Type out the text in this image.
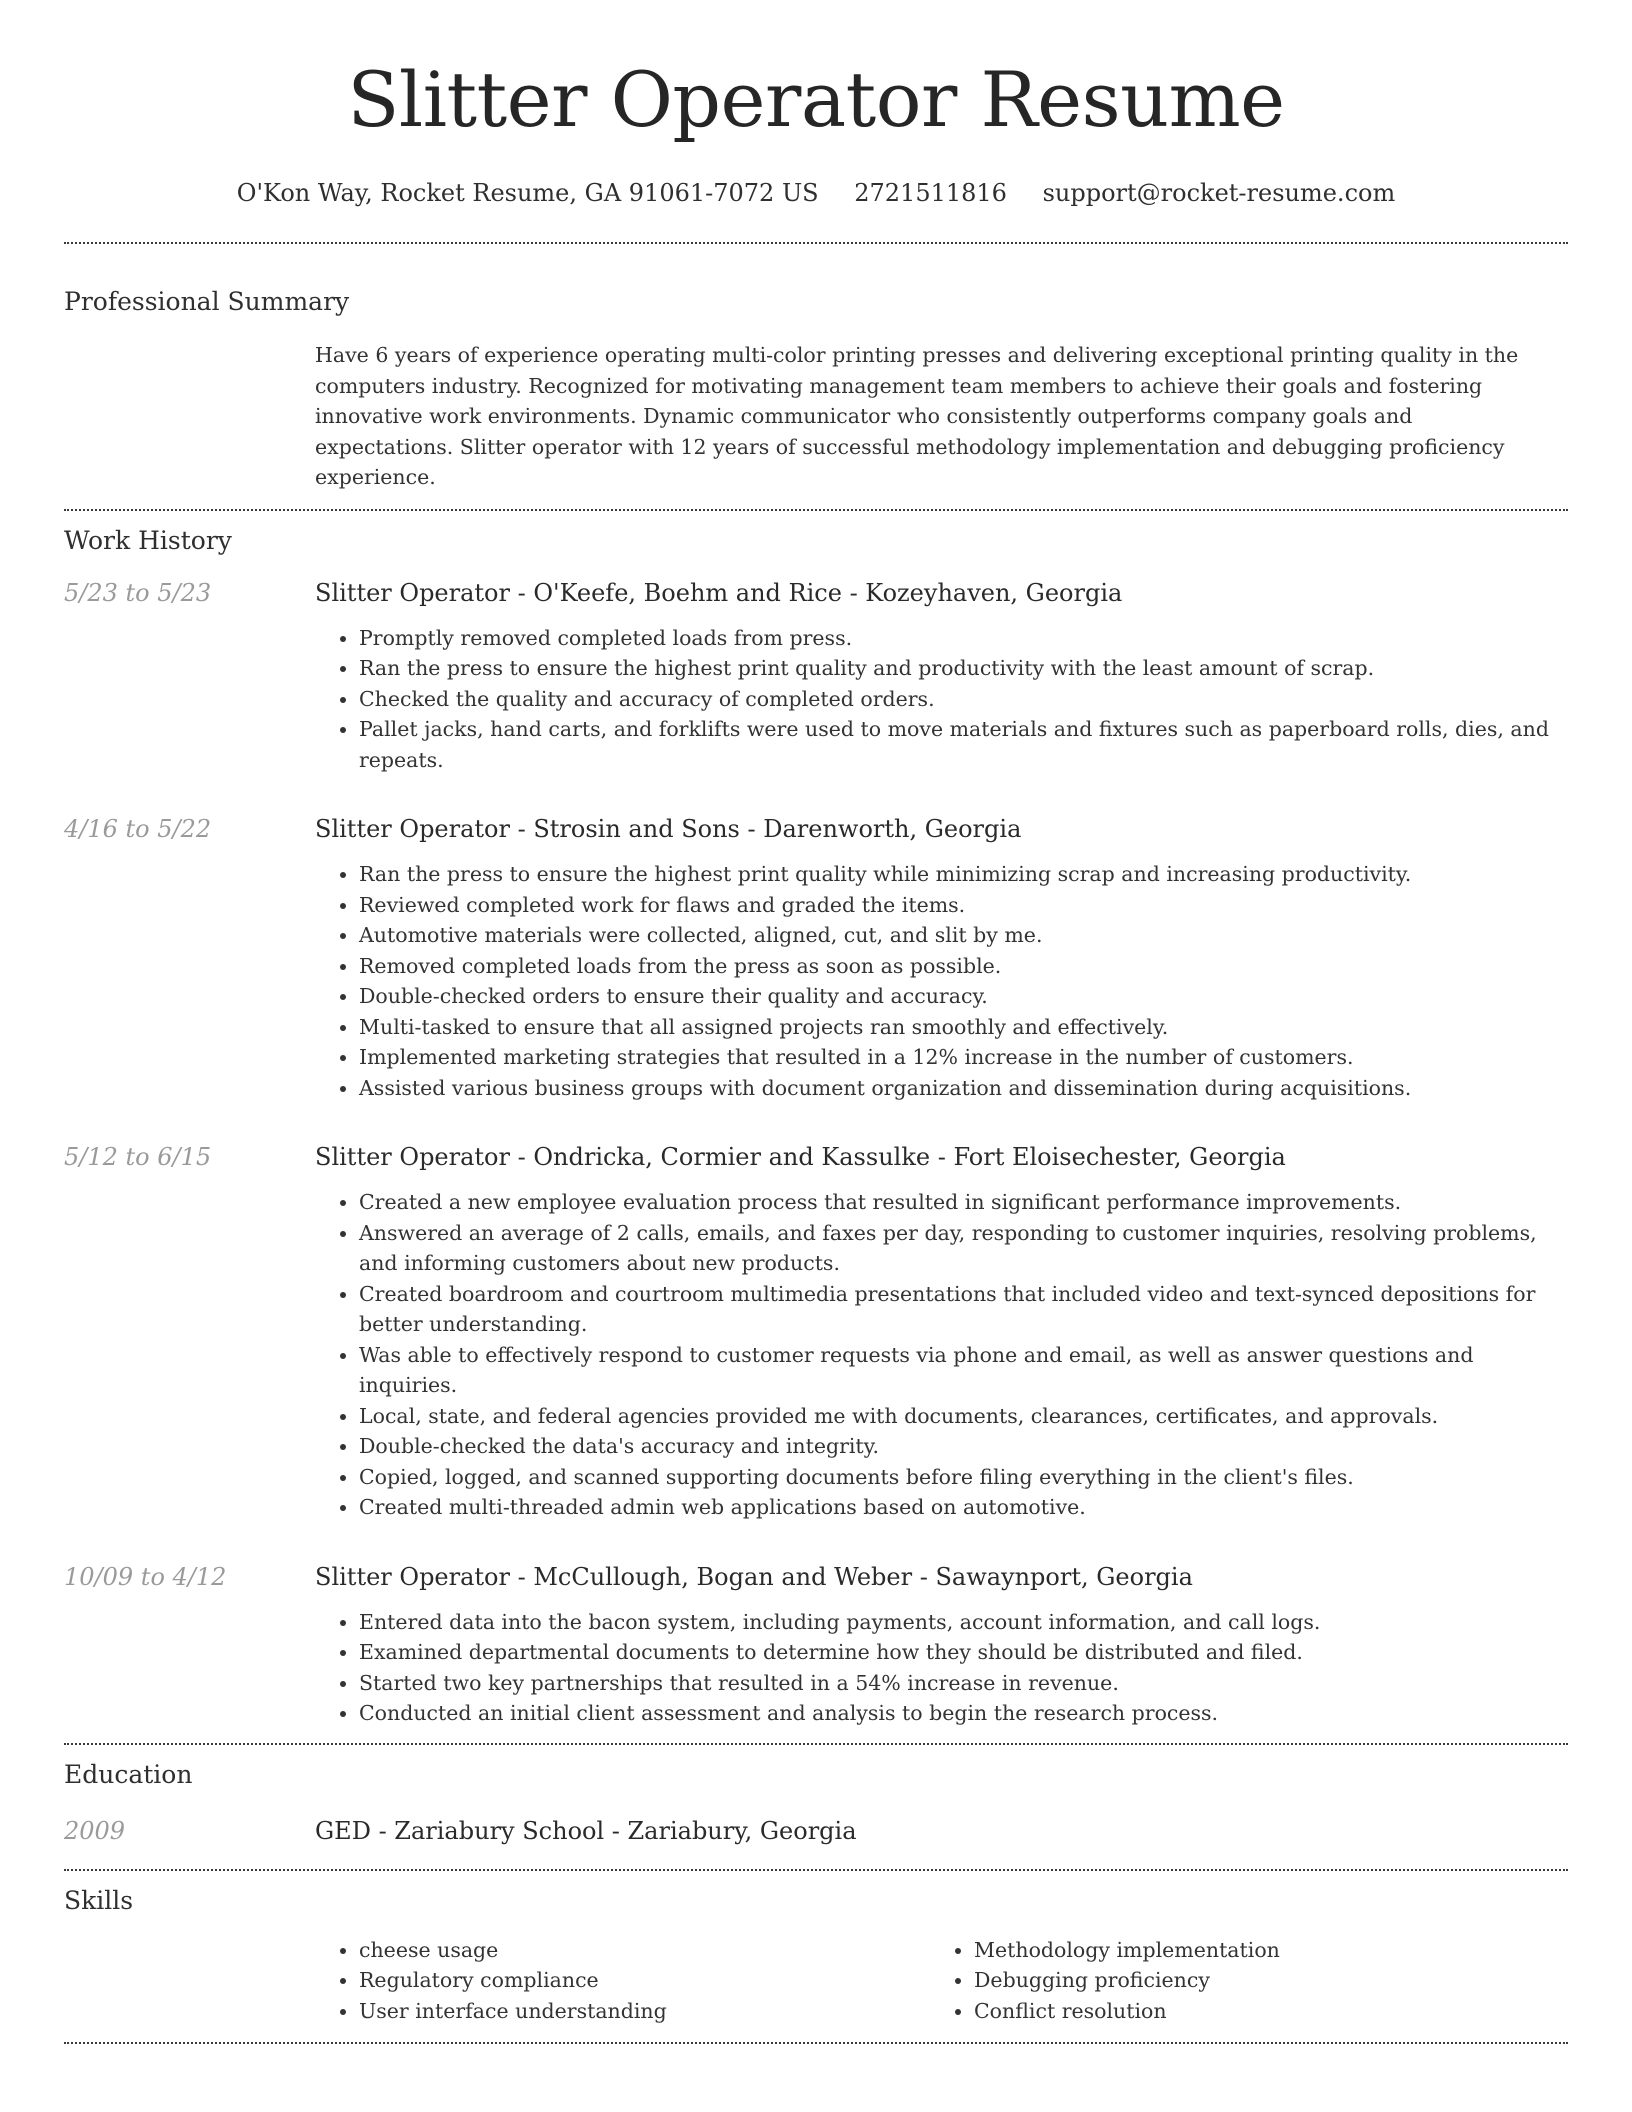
Slitter Operator Resume
O'Kon Way, Rocket Resume, GA 91061-7072 US 2721511816 support@rocket-resume.com
Professional Summary
Have 6 years of experience operating multi-color printing presses and delivering exceptional printing quality in the computers industry. Recognized for motivating management team members to achieve their goals and fostering innovative work environments. Dynamic communicator who consistently outperforms company goals and expectations. Slitter operator with 12 years of successful methodology implementation and debugging proficiency experience.
Work History
5/23 to 5/23	Slitter Operator - O'Keefe, Boehm and Rice - Kozeyhaven, Georgia
• Promptly removed completed loads from press.
• Ran the press to ensure the highest print quality and productivity with the least amount of scrap.
• Checked the quality and accuracy of completed orders.
• Pallet jacks, hand carts, and forklifts were used to move materials and fixtures such as paperboard rolls, dies, and repeats.
4/16 to 5/22	Slitter Operator - Strosin and Sons - Darenworth, Georgia
• Ran the press to ensure the highest print quality while minimizing scrap and increasing productivity.
• Reviewed completed work for flaws and graded the items.
• Automotive materials were collected, aligned, cut, and slit by me.
• Removed completed loads from the press as soon as possible.
• Double-checked orders to ensure their quality and accuracy.
• Multi-tasked to ensure that all assigned projects ran smoothly and effectively.
• Implemented marketing strategies that resulted in a 12% increase in the number of customers.
• Assisted various business groups with document organization and dissemination during acquisitions.
5/12 to 6/15	Slitter Operator - Ondricka, Cormier and Kassulke - Fort Eloisechester, Georgia
• Created a new employee evaluation process that resulted in significant performance improvements.
• Answered an average of 2 calls, emails, and faxes per day, responding to customer inquiries, resolving problems, and informing customers about new products.
• Created boardroom and courtroom multimedia presentations that included video and text-synced depositions for better understanding.
• Was able to effectively respond to customer requests via phone and email, as well as answer questions and inquiries.
• Local, state, and federal agencies provided me with documents, clearances, certificates, and approvals.
• Double-checked the data's accuracy and integrity.
• Copied, logged, and scanned supporting documents before filing everything in the client's files.
• Created multi-threaded admin web applications based on automotive.
10/09 to 4/12	Slitter Operator - McCullough, Bogan and Weber - Sawaynport, Georgia
• Entered data into the bacon system, including payments, account information, and call logs.
• Examined departmental documents to determine how they should be distributed and filed.
• Started two key partnerships that resulted in a 54% increase in revenue.
• Conducted an initial client assessment and analysis to begin the research process.
Education
2009	GED - Zariabury School - Zariabury, Georgia
Skills
• cheese usage
• Regulatory compliance
• User interface understanding
• Methodology implementation
• Debugging proficiency
• Conflict resolution
